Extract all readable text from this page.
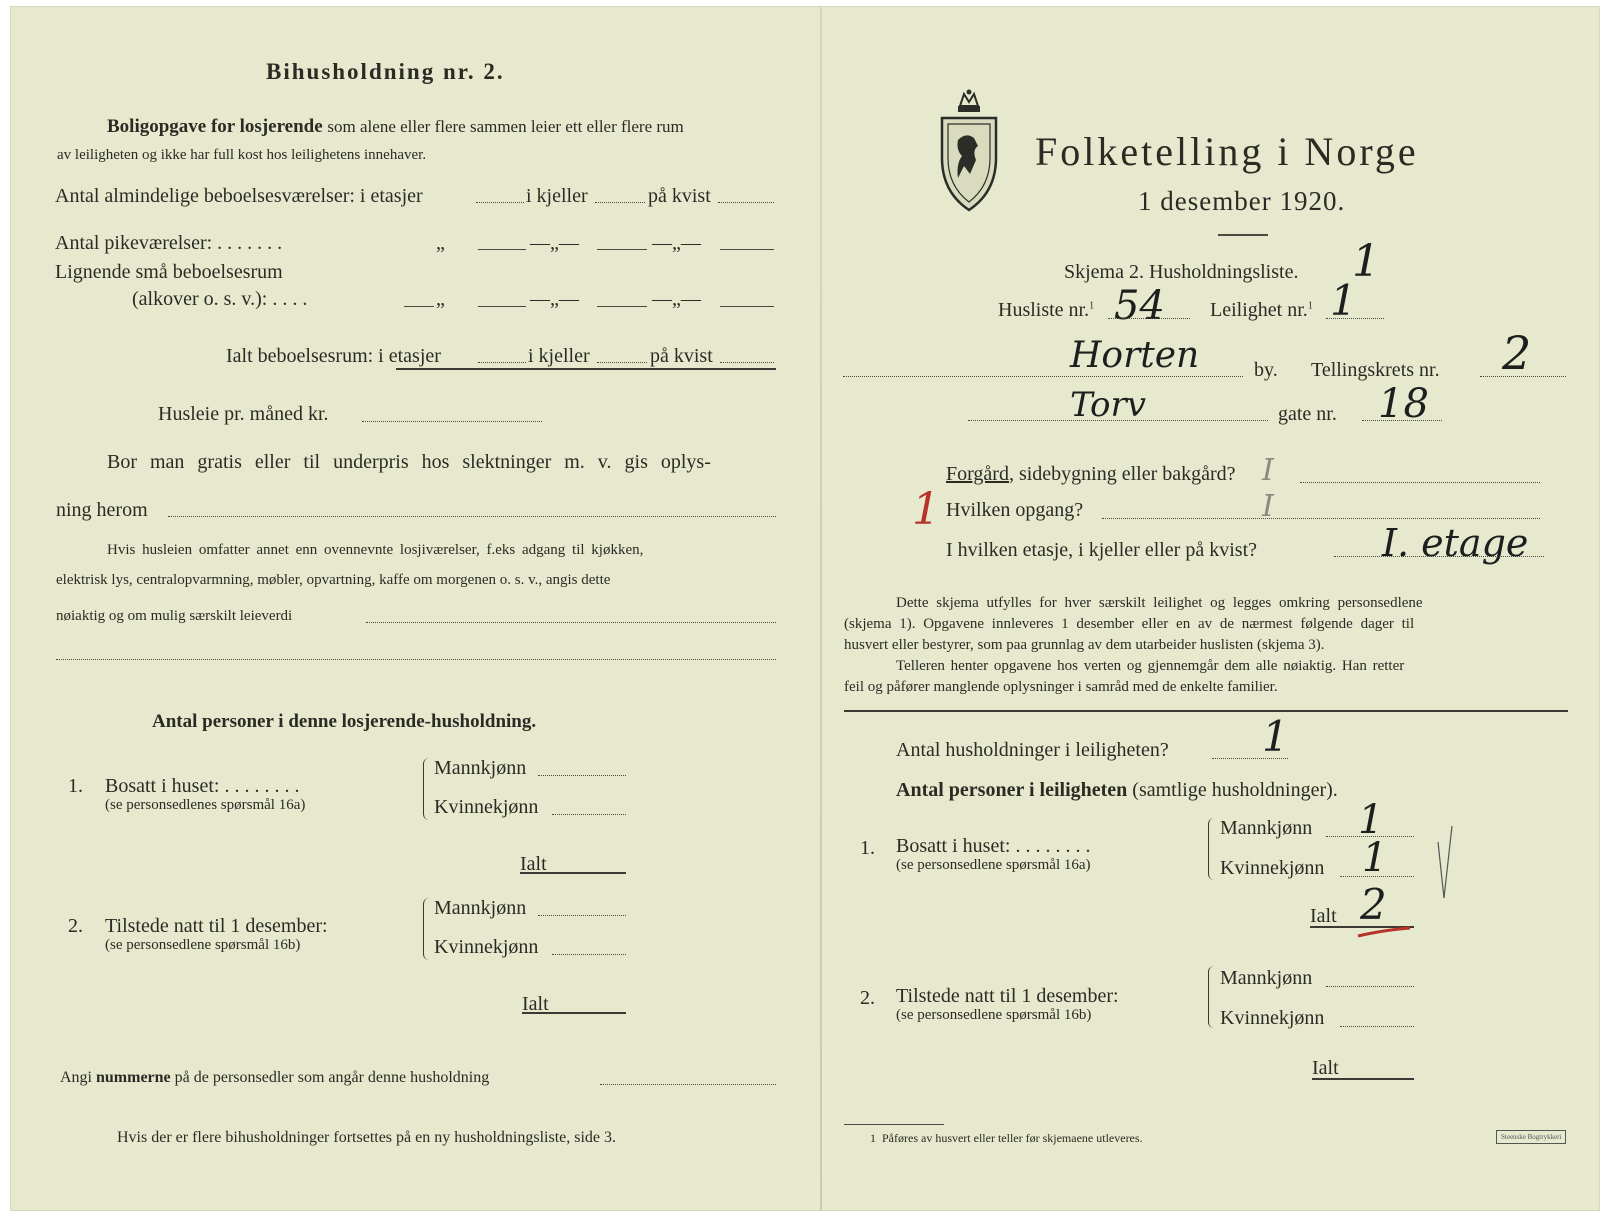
Bihusholdning nr. 2.
Boligopgave for losjerende som alene eller flere sammen leier ett eller flere rum
av leiligheten og ikke har full kost hos leilighetens innehaver.
Antal almindelige beboelsesværelser: i etasjer	i kjeller	på kvist
Antal pikeværelser: . . . . . . .	„	—„—	—„—
Lignende små beboelsesrum
(alkover o. s. v.): . . . .	„	—„—	—„—
Ialt beboelsesrum: i etasjer	i kjeller	på kvist
Husleie pr. måned kr.
Bor man gratis eller til underpris hos slektninger m. v. gis oplys-
ning herom
Hvis husleien omfatter annet enn ovennevnte losjiværelser, f.eks adgang til kjøkken,
elektrisk lys, centralopvarmning, møbler, opvartning, kaffe om morgenen o. s. v., angis dette
nøiaktig og om mulig særskilt leieverdi
Antal personer i denne losjerende-husholdning.
1. Bosatt i huset: . . . . . . . .
(se personsedlenes spørsmål 16a)
Mannkjønn
Kvinnekjønn
Ialt
2. Tilstede natt til 1 desember:
(se personsedlene spørsmål 16b)
Mannkjønn
Kvinnekjønn
Ialt
Angi nummerne på de personsedler som angår denne husholdning
Hvis der er flere bihusholdninger fortsettes på en ny husholdningsliste, side 3.
Folketelling i Norge
1 desember 1920.
Skjema 2. Husholdningsliste. 1
Husliste nr.$^1$ 54 Leilighet nr.$^1$ 1
Horten	by. Tellingskrets nr. 2
Torv	gate nr. 18
Forgård, sidebygning eller bakgård? I
1 Hvilken opgang?	I
I hvilken etasje, i kjeller eller på kvist?	I. etage
Dette skjema utfylles for hver særskilt leilighet og legges omkring personsedlene
(skjema 1). Opgavene innleveres 1 desember eller en av de nærmest følgende dager til
husvert eller bestyrer, som paa grunnlag av dem utarbeider huslisten (skjema 3).
Telleren henter opgavene hos verten og gjennemgår dem alle nøiaktig. Han retter
feil og påfører manglende oplysninger i samråd med de enkelte familier.
Antal husholdninger i leiligheten? 1
Antal personer i leiligheten (samtlige husholdninger).
1. Bosatt i huset: . . . . . . . .
(se personsedlene spørsmål 16a)
Mannkjønn 1
Kvinnekjønn 1
Ialt 2
2. Tilstede natt til 1 desember:
(se personsedlene spørsmål 16b)
Mannkjønn
Kvinnekjønn
Ialt
1 Påføres av husvert eller teller før skjemaene utleveres.	Steenske Bogtrykkeri
